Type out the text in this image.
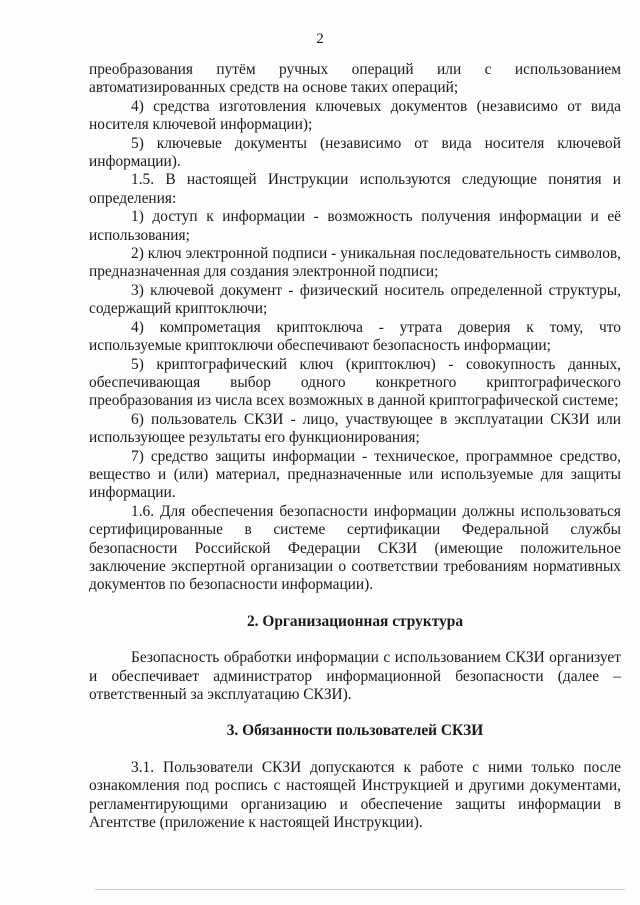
2

преобразования путём ручных операций или с использованием автоматизированных средств на основе таких операций;

4) средства изготовления ключевых документов (независимо от вида носителя ключевой информации);

5) ключевые документы (независимо от вида носителя ключевой информации).

1.5. В настоящей Инструкции используются следующие понятия и определения:

1) доступ к информации - возможность получения информации и её использования;

2) ключ электронной подписи - уникальная последовательность символов, предназначенная для создания электронной подписи;

3) ключевой документ - физический носитель определенной структуры, содержащий криптоключи;

4) компрометация криптоключа - утрата доверия к тому, что используемые криптоключи обеспечивают безопасность информации;

5) криптографический ключ (криптоключ) - совокупность данных, обеспечивающая выбор одного конкретного криптографического преобразования из числа всех возможных в данной криптографической системе;

6) пользователь СКЗИ - лицо, участвующее в эксплуатации СКЗИ или использующее результаты его функционирования;

7) средство защиты информации - техническое, программное средство, вещество и (или) материал, предназначенные или используемые для защиты информации.

1.6. Для обеспечения безопасности информации должны использоваться сертифицированные в системе сертификации Федеральной службы безопасности Российской Федерации СКЗИ (имеющие положительное заключение экспертной организации о соответствии требованиям нормативных документов по безопасности информации).

2. Организационная структура

Безопасность обработки информации с использованием СКЗИ организует и обеспечивает администратор информационной безопасности (далее – ответственный за эксплуатацию СКЗИ).

3. Обязанности пользователей СКЗИ

3.1. Пользователи СКЗИ допускаются к работе с ними только после ознакомления под роспись с настоящей Инструкцией и другими документами, регламентирующими организацию и обеспечение защиты информации в Агентстве (приложение к настоящей Инструкции).
